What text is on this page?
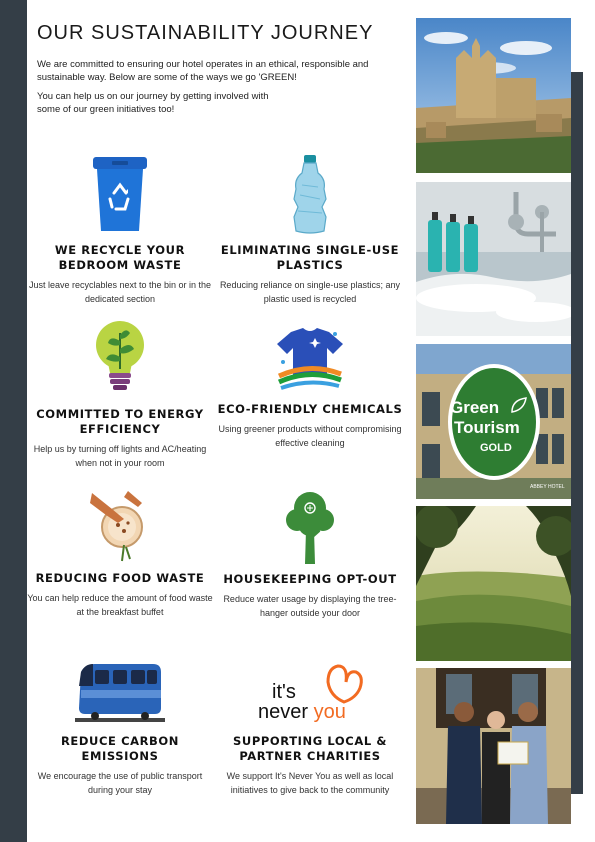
OUR SUSTAINABILITY JOURNEY

We are committed to ensuring our hotel operates in an ethical, responsible and sustainable way. Below are some of the ways we go 'GREEN!

You can help us on our journey by getting involved with some of our green initiatives too!

WE RECYCLE YOUR BEDROOM WASTE

Just leave recyclables next to the bin or in the dedicated section

ELIMINATING SINGLE-USE PLASTICS

Reducing reliance on single-use plastics; any plastic used is recycled

COMMITTED TO ENERGY EFFICIENCY

Help us by turning off lights and AC/heating when not in your room

ECO-FRIENDLY CHEMICALS

Using greener products without compromising effective cleaning

REDUCING FOOD WASTE

You can help reduce the amount of food waste at the breakfast buffet

HOUSEKEEPING OPT-OUT

Reduce water usage by displaying the tree-hanger outside your door

REDUCE CARBON EMISSIONS

We encourage the use of public transport during your stay

it's
never you
SUPPORTING LOCAL & PARTNER CHARITIES

We support It's Never You as well as local initiatives to give back to the community

Green
Tourism
GOLD
ABBEY HOTEL
